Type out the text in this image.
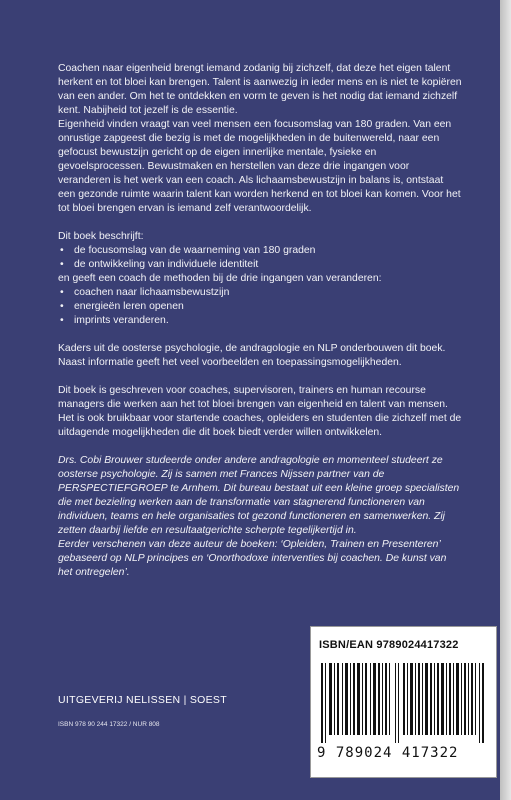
Coachen naar eigenheid brengt iemand zodanig bij zichzelf, dat deze het eigen talent herkent en tot bloei kan brengen. Talent is aanwezig in ieder mens en is niet te kopiëren van een ander. Om het te ontdekken en vorm te geven is het nodig dat iemand zichzelf kent. Nabijheid tot jezelf is de essentie.

Eigenheid vinden vraagt van veel mensen een focusomslag van 180 graden. Van een onrustige zapgeest die bezig is met de mogelijkheden in de buitenwereld, naar een gefocust bewustzijn gericht op de eigen innerlijke mentale, fysieke en gevoelsprocessen. Bewustmaken en herstellen van deze drie ingangen voor veranderen is het werk van een coach. Als lichaamsbewustzijn in balans is, ontstaat een gezonde ruimte waarin talent kan worden herkend en tot bloei kan komen. Voor het tot bloei brengen ervan is iemand zelf verantwoordelijk.

Dit boek beschrijft:

• de focusomslag van de waarneming van 180 graden
• de ontwikkeling van individuele identiteit

en geeft een coach de methoden bij de drie ingangen van veranderen:

• coachen naar lichaamsbewustzijn
• energieën leren openen
• imprints veranderen.

Kaders uit de oosterse psychologie, de andragologie en NLP onderbouwen dit boek. Naast informatie geeft het veel voorbeelden en toepassingsmogelijkheden.

Dit boek is geschreven voor coaches, supervisoren, trainers en human recourse managers die werken aan het tot bloei brengen van eigenheid en talent van mensen. Het is ook bruikbaar voor startende coaches, opleiders en studenten die zichzelf met de uitdagende mogelijkheden die dit boek biedt verder willen ontwikkelen.

Drs. Cobi Brouwer studeerde onder andere andragologie en momenteel studeert ze oosterse psychologie. Zij is samen met Frances Nijssen partner van de PERSPECTIEFGROEP te Arnhem. Dit bureau bestaat uit een kleine groep specialisten die met bezieling werken aan de transformatie van stagnerend functioneren van individuen, teams en hele organisaties tot gezond functioneren en samenwerken. Zij zetten daarbij liefde en resultaatgerichte scherpte tegelijkertijd in.

Eerder verschenen van deze auteur de boeken: ‘Opleiden, Trainen en Presenteren’ gebaseerd op NLP principes en ‘Onorthodoxe interventies bij coachen. De kunst van het ontregelen’.

UITGEVERIJ NELISSEN | SOEST
ISBN 978 90 244 17322 / NUR 808
ISBN/EAN 9789024417322
9 789024 417322
